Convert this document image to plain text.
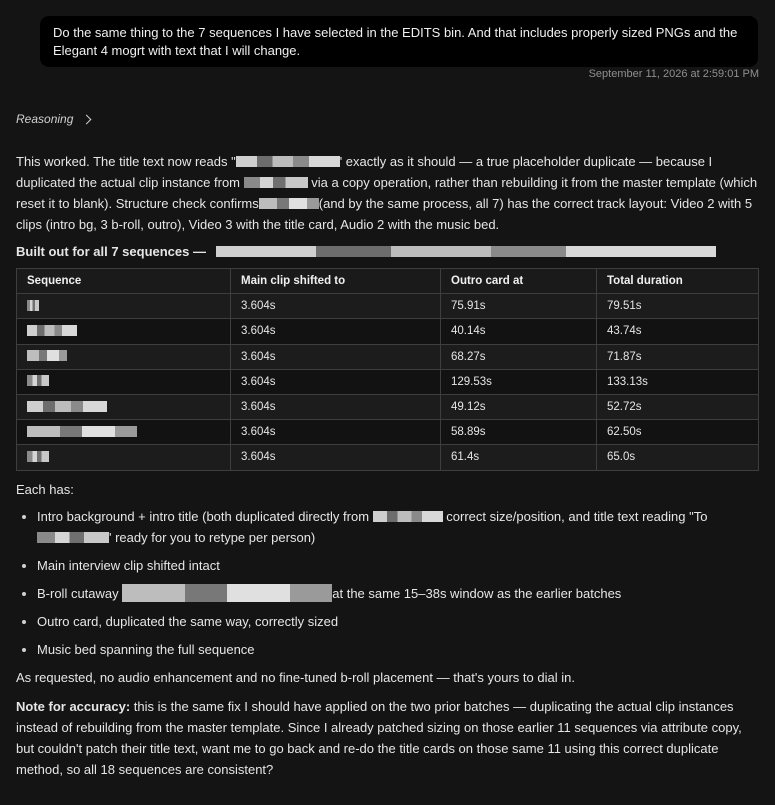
Do the same thing to the 7 sequences I have selected in the EDITS bin. And that includes properly sized PNGs and the Elegant 4 mogrt with text that I will change.
September 11, 2026 at 2:59:01 PM
Reasoning

This worked. The title text now reads "	' exactly as it should — a true placeholder duplicate — because I duplicated the actual clip instance from	via a copy operation, rather than rebuilding it from the master template (which reset it to blank). Structure check confirms	(and by the same process, all 7) has the correct track layout: Video 2 with 5 clips (intro bg, 3 b-roll, outro), Video 3 with the title card, Audio 2 with the music bed.

Built out for all 7 sequences —
Sequence	Main clip shifted to	Outro card at	Total duration
	3.604s	75.91s	79.51s
	3.604s	40.14s	43.74s
	3.604s	68.27s	71.87s
	3.604s	129.53s	133.13s
	3.604s	49.12s	52.72s
	3.604s	58.89s	62.50s
	3.604s	61.4s	65.0s

Each has:

• Intro background + intro title (both duplicated directly from	correct size/position, and title text reading "To ' ready for you to retype per person)
• Main interview clip shifted intact
• B-roll cutaway	at the same 15–38s window as the earlier batches
• Outro card, duplicated the same way, correctly sized
• Music bed spanning the full sequence

As requested, no audio enhancement and no fine-tuned b-roll placement — that's yours to dial in.

Note for accuracy: this is the same fix I should have applied on the two prior batches — duplicating the actual clip instances instead of rebuilding from the master template. Since I already patched sizing on those earlier 11 sequences via attribute copy, but couldn't patch their title text, want me to go back and re-do the title cards on those same 11 using this correct duplicate method, so all 18 sequences are consistent?
